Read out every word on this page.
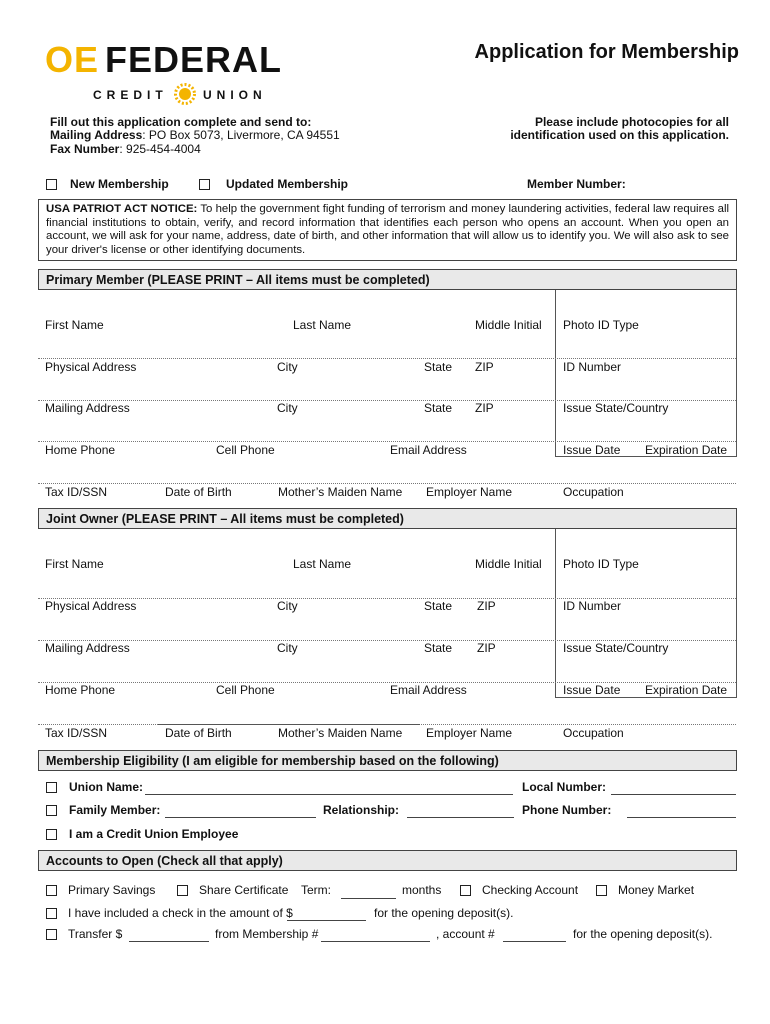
OE FEDERAL
CREDIT	UNION
Application for Membership
Fill out this application complete and send to:
Mailing Address: PO Box 5073, Livermore, CA 94551
Fax Number: 925-454-4004
Please include photocopies for all
identification used on this application.
New Membership	Updated Membership	Member Number:
USA PATRIOT ACT NOTICE: To help the government fight funding of terrorism and money laundering activities, federal law requires all financial institutions to obtain, verify, and record information that identifies each person who opens an account. When you open an account, we will ask for your name, address, date of birth, and other information that will allow us to identify you. We will also ask to see your driver's license or other identifying documents.
Primary Member (PLEASE PRINT – All items must be completed)
First Name	Last Name	Middle Initial Photo ID Type
Physical Address	City	State ZIP	ID Number
Mailing Address	City	State ZIP	Issue State/Country
Home Phone	Cell Phone	Email Address	Issue Date Expiration Date
Tax ID/SSN	Date of Birth	Mother’s Maiden Name Employer Name	Occupation
Joint Owner (PLEASE PRINT – All items must be completed)
First Name	Last Name	Middle Initial Photo ID Type
Physical Address	City	State ZIP	ID Number
Mailing Address	City	State ZIP	Issue State/Country
Home Phone	Cell Phone	Email Address	Issue Date Expiration Date
Tax ID/SSN	Date of Birth	Mother’s Maiden Name Employer Name	Occupation
Membership Eligibility (I am eligible for membership based on the following)
Union Name:	Local Number:
Family Member:	Relationship:	Phone Number:
I am a Credit Union Employee
Accounts to Open (Check all that apply)
Primary Savings	Share Certificate Term:	months	Checking Account	Money Market
I have included a check in the amount of $	for the opening deposit(s).
Transfer $	from Membership #	, account #	for the opening deposit(s).
